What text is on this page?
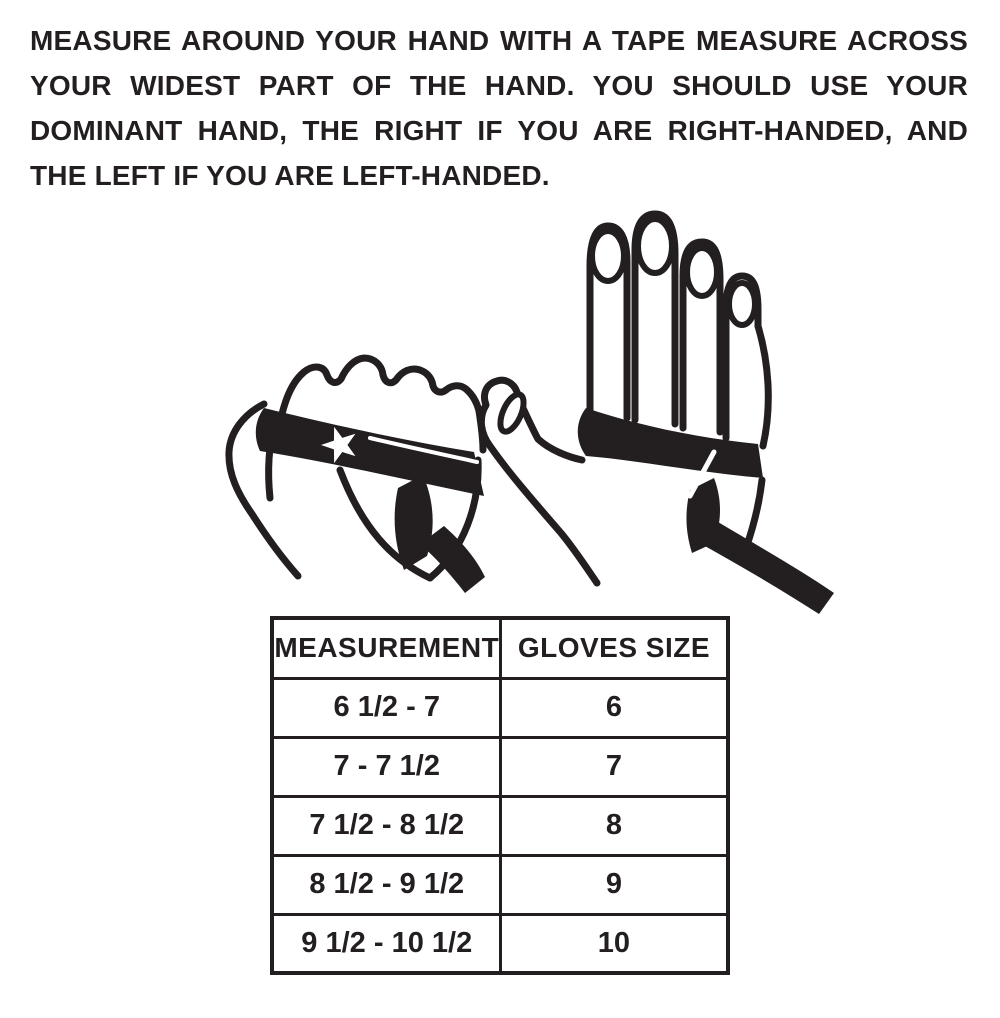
MEASURE AROUND YOUR HAND WITH A TAPE MEASURE ACROSS
YOUR WIDEST PART OF THE HAND. YOU SHOULD USE YOUR
DOMINANT HAND, THE RIGHT IF YOU ARE RIGHT-HANDED, AND
THE LEFT IF YOU ARE LEFT-HANDED.
MEASUREMENT	GLOVES SIZE
6 1/2 - 7	6
7 - 7 1/2	7
7 1/2 - 8 1/2	8
8 1/2 - 9 1/2	9
9 1/2 - 10 1/2	10
